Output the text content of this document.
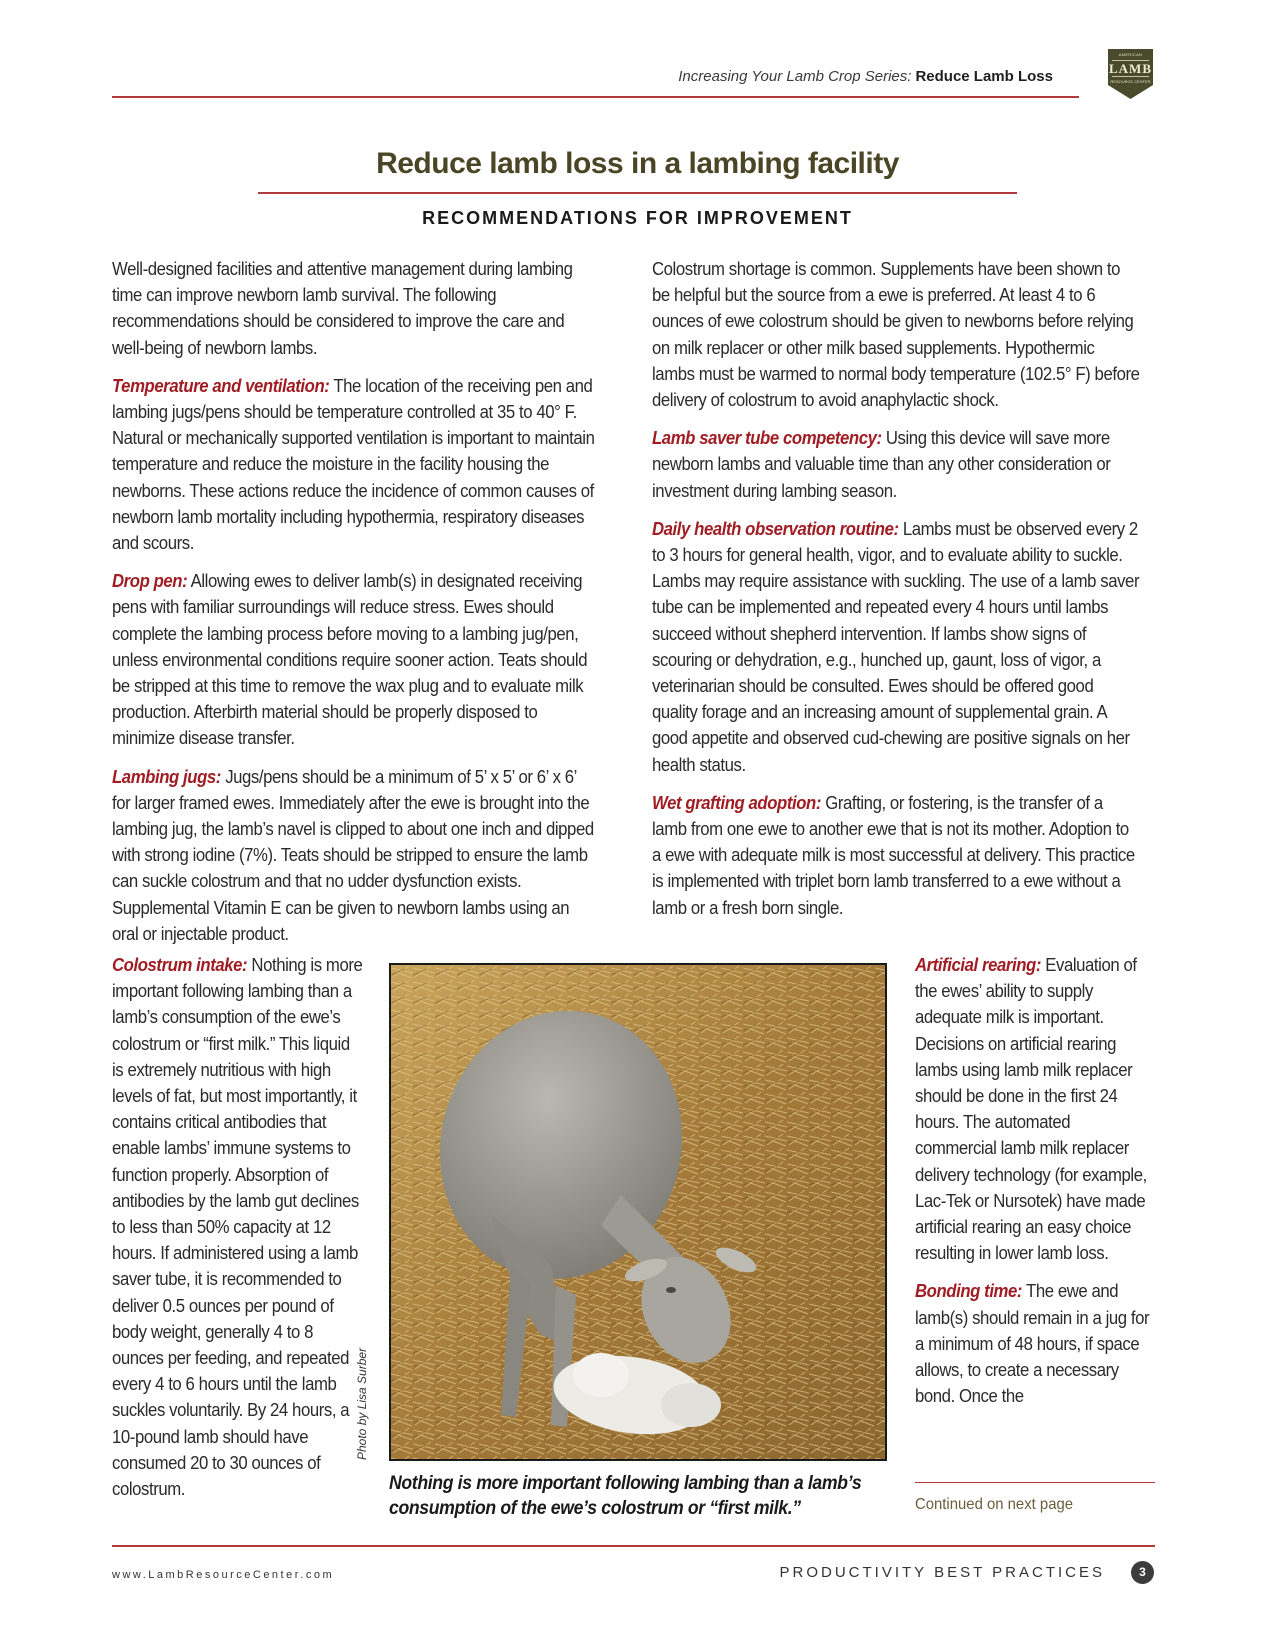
Increasing Your Lamb Crop Series: Reduce Lamb Loss
AMERICAN
LAMB
RESOURCE CENTER
Reduce lamb loss in a lambing facility
RECOMMENDATIONS FOR IMPROVEMENT

Well-designed facilities and attentive management during lambing time can improve newborn lamb survival. The following recommendations should be considered to improve the care and well-being of newborn lambs.

Temperature and ventilation: The location of the receiving pen and lambing jugs/pens should be temperature controlled at 35 to 40° F. Natural or mechanically supported ventilation is important to maintain temperature and reduce the moisture in the facility housing the newborns. These actions reduce the incidence of common causes of newborn lamb mortality including hypothermia, respiratory diseases and scours.

Drop pen: Allowing ewes to deliver lamb(s) in designated receiving pens with familiar surroundings will reduce stress. Ewes should complete the lambing process before moving to a lambing jug/pen, unless environmental conditions require sooner action. Teats should be stripped at this time to remove the wax plug and to evaluate milk production. Afterbirth material should be properly disposed to minimize disease transfer.

Lambing jugs: Jugs/pens should be a minimum of 5’ x 5’ or 6’ x 6’ for larger framed ewes. Immediately after the ewe is brought into the lambing jug, the lamb’s navel is clipped to about one inch and dipped with strong iodine (7%). Teats should be stripped to ensure the lamb can suckle colostrum and that no udder dysfunction exists. Supplemental Vitamin E can be given to newborn lambs using an oral or injectable product.

Colostrum shortage is common. Supplements have been shown to be helpful but the source from a ewe is preferred. At least 4 to 6 ounces of ewe colostrum should be given to newborns before relying on milk replacer or other milk based supplements. Hypothermic lambs must be warmed to normal body temperature (102.5° F) before delivery of colostrum to avoid anaphylactic shock.

Lamb saver tube competency: Using this device will save more newborn lambs and valuable time than any other consideration or investment during lambing season.

Daily health observation routine: Lambs must be observed every 2 to 3 hours for general health, vigor, and to evaluate ability to suckle. Lambs may require assistance with suckling. The use of a lamb saver tube can be implemented and repeated every 4 hours until lambs succeed without shepherd intervention. If lambs show signs of scouring or dehydration, e.g., hunched up, gaunt, loss of vigor, a veterinarian should be consulted. Ewes should be offered good quality forage and an increasing amount of supplemental grain. A good appetite and observed cud-chewing are positive signals on her health status.

Wet grafting adoption: Grafting, or fostering, is the transfer of a lamb from one ewe to another ewe that is not its mother. Adoption to a ewe with adequate milk is most successful at delivery. This practice is implemented with triplet born lamb transferred to a ewe without a lamb or a fresh born single.

Colostrum intake: Nothing is more important following lambing than a lamb’s consumption of the ewe’s colostrum or “first milk.” This liquid is extremely nutritious with high levels of fat, but most importantly, it contains critical antibodies that enable lambs’ immune systems to function properly. Absorption of antibodies by the lamb gut declines to less than 50% capacity at 12 hours. If administered using a lamb saver tube, it is recommended to deliver 0.5 ounces per pound of body weight, generally 4 to 8 ounces per feeding, and repeated every 4 to 6 hours until the lamb suckles voluntarily. By 24 hours, a 10-pound lamb should have consumed 20 to 30 ounces of colostrum.

Photo by Lisa Surber
Nothing is more important following lambing than a lamb’s consumption of the ewe’s colostrum or “first milk.”

Artificial rearing: Evaluation of the ewes’ ability to supply adequate milk is important. Decisions on artificial rearing lambs using lamb milk replacer should be done in the first 24 hours. The automated commercial lamb milk replacer delivery technology (for example, Lac-Tek or Nursotek) have made artificial rearing an easy choice resulting in lower lamb loss.

Bonding time: The ewe and lamb(s) should remain in a jug for a minimum of 48 hours, if space allows, to create a necessary bond. Once the

Continued on next page
www.LambResourceCenter.com	PRODUCTIVITY BEST PRACTICES	3
